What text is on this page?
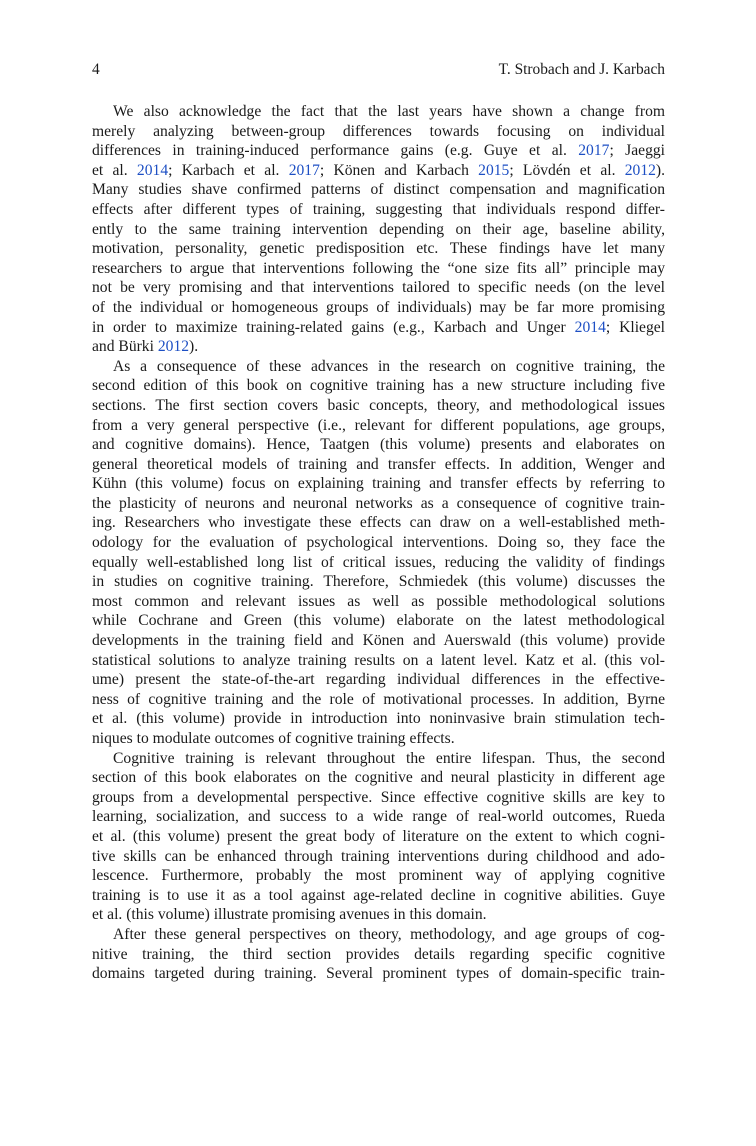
4	T. Strobach and J. Karbach
We also acknowledge the fact that the last years have shown a change from
merely analyzing between-group differences towards focusing on individual
differences in training-induced performance gains (e.g. Guye et al. 2017; Jaeggi
et al. 2014; Karbach et al. 2017; Könen and Karbach 2015; Lövdén et al. 2012).
Many studies shave confirmed patterns of distinct compensation and magnification
effects after different types of training, suggesting that individuals respond differ-
ently to the same training intervention depending on their age, baseline ability,
motivation, personality, genetic predisposition etc. These findings have let many
researchers to argue that interventions following the “one size fits all” principle may
not be very promising and that interventions tailored to specific needs (on the level
of the individual or homogeneous groups of individuals) may be far more promising
in order to maximize training-related gains (e.g., Karbach and Unger 2014; Kliegel
and Bürki 2012).
As a consequence of these advances in the research on cognitive training, the
second edition of this book on cognitive training has a new structure including five
sections. The first section covers basic concepts, theory, and methodological issues
from a very general perspective (i.e., relevant for different populations, age groups,
and cognitive domains). Hence, Taatgen (this volume) presents and elaborates on
general theoretical models of training and transfer effects. In addition, Wenger and
Kühn (this volume) focus on explaining training and transfer effects by referring to
the plasticity of neurons and neuronal networks as a consequence of cognitive train-
ing. Researchers who investigate these effects can draw on a well-established meth-
odology for the evaluation of psychological interventions. Doing so, they face the
equally well-established long list of critical issues, reducing the validity of findings
in studies on cognitive training. Therefore, Schmiedek (this volume) discusses the
most common and relevant issues as well as possible methodological solutions
while Cochrane and Green (this volume) elaborate on the latest methodological
developments in the training field and Könen and Auerswald (this volume) provide
statistical solutions to analyze training results on a latent level. Katz et al. (this vol-
ume) present the state-of-the-art regarding individual differences in the effective-
ness of cognitive training and the role of motivational processes. In addition, Byrne
et al. (this volume) provide in introduction into noninvasive brain stimulation tech-
niques to modulate outcomes of cognitive training effects.
Cognitive training is relevant throughout the entire lifespan. Thus, the second
section of this book elaborates on the cognitive and neural plasticity in different age
groups from a developmental perspective. Since effective cognitive skills are key to
learning, socialization, and success to a wide range of real-world outcomes, Rueda
et al. (this volume) present the great body of literature on the extent to which cogni-
tive skills can be enhanced through training interventions during childhood and ado-
lescence. Furthermore, probably the most prominent way of applying cognitive
training is to use it as a tool against age-related decline in cognitive abilities. Guye
et al. (this volume) illustrate promising avenues in this domain.
After these general perspectives on theory, methodology, and age groups of cog-
nitive training, the third section provides details regarding specific cognitive
domains targeted during training. Several prominent types of domain-specific train-
